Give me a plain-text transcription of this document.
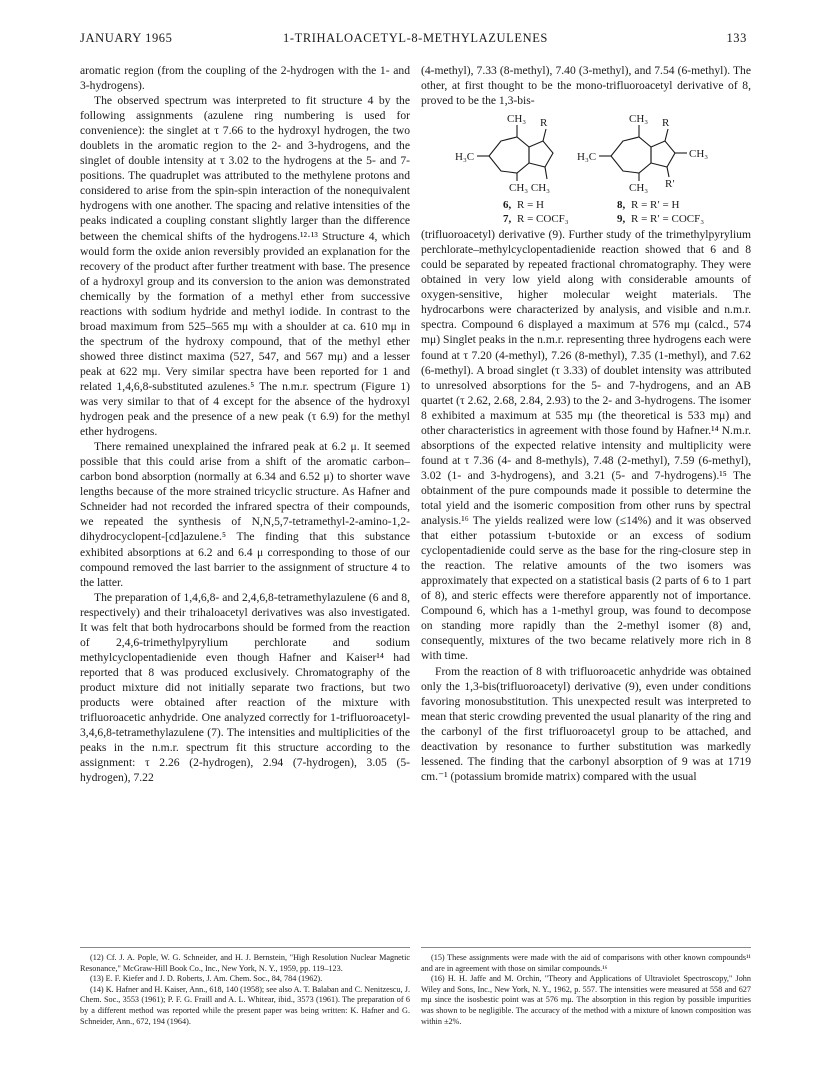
JANUARY 1965	1-TRIHALOACETYL-8-METHYLAZULENES	133

aromatic region (from the coupling of the 2-hydrogen with the 1- and 3-hydrogens).

The observed spectrum was interpreted to fit structure 4 by the following assignments (azulene ring numbering is used for convenience): the singlet at τ 7.66 to the hydroxyl hydrogen, the two doublets in the aromatic region to the 2- and 3-hydrogens, and the singlet of double intensity at τ 3.02 to the hydrogens at the 5- and 7-positions. The quadruplet was attributed to the methylene protons and considered to arise from the spin-spin interaction of the nonequivalent hydrogens with one another. The spacing and relative intensities of the peaks indicated a coupling constant slightly larger than the difference between the chemical shifts of the hydrogens.¹²·¹³ Structure 4, which would form the oxide anion reversibly provided an explanation for the recovery of the product after further treatment with base. The presence of a hydroxyl group and its conversion to the anion was demonstrated chemically by the formation of a methyl ether from successive reactions with sodium hydride and methyl iodide. In contrast to the broad maximum from 525–565 mμ with a shoulder at ca. 610 mμ in the spectrum of the hydroxy compound, that of the methyl ether showed three distinct maxima (527, 547, and 567 mμ) and a lesser peak at 622 mμ. Very similar spectra have been reported for 1 and related 1,4,6,8-substituted azulenes.⁵ The n.m.r. spectrum (Figure 1) was very similar to that of 4 except for the absence of the hydroxyl hydrogen peak and the presence of a new peak (τ 6.9) for the methyl ether hydrogens.

There remained unexplained the infrared peak at 6.2 μ. It seemed possible that this could arise from a shift of the aromatic carbon–carbon bond absorption (normally at 6.34 and 6.52 μ) to shorter wave lengths because of the more strained tricyclic structure. As Hafner and Schneider had not recorded the infrared spectra of their compounds, we repeated the synthesis of N,N,5,7-tetramethyl-2-amino-1,2-dihydrocyclopent-[cd]azulene.⁵ The finding that this substance exhibited absorptions at 6.2 and 6.4 μ corresponding to those of our compound removed the last barrier to the assignment of structure 4 to the latter.

The preparation of 1,4,6,8- and 2,4,6,8-tetramethylazulene (6 and 8, respectively) and their trihaloacetyl derivatives was also investigated. It was felt that both hydrocarbons should be formed from the reaction of 2,4,6-trimethylpyrylium perchlorate and sodium methylcyclopentadienide even though Hafner and Kaiser¹⁴ had reported that 8 was produced exclusively. Chromatography of the product mixture did not initially separate two fractions, but two products were obtained after reaction of the mixture with trifluoroacetic anhydride. One analyzed correctly for 1-trifluoroacetyl-3,4,6,8-tetramethylazulene (7). The intensities and multiplicities of the peaks in the n.m.r. spectrum fit this structure according to the assignment: τ 2.26 (2-hydrogen), 2.94 (7-hydrogen), 3.05 (5-hydrogen), 7.22

(4-methyl), 7.33 (8-methyl), 7.40 (3-methyl), and 7.54 (6-methyl). The other, at first thought to be the mono-trifluoroacetyl derivative of 8, proved to be the 1,3-bis-

CH₃ R
H₃C
CH₃ CH₃
6, R = H
7, R = COCF₃
CH₃ R
H₃C	CH₃
CH₃ R′
8, R = R′ = H
9, R = R′ = COCF₃

(trifluoroacetyl) derivative (9). Further study of the trimethylpyrylium perchlorate–methylcyclopentadienide reaction showed that 6 and 8 could be separated by repeated fractional chromatography. They were obtained in very low yield along with considerable amounts of oxygen-sensitive, higher molecular weight materials. The hydrocarbons were characterized by analysis, and visible and n.m.r. spectra. Compound 6 displayed a maximum at 576 mμ (calcd., 574 mμ) Singlet peaks in the n.m.r. representing three hydrogens each were found at τ 7.20 (4-methyl), 7.26 (8-methyl), 7.35 (1-methyl), and 7.62 (6-methyl). A broad singlet (τ 3.33) of doublet intensity was attributed to unresolved absorptions for the 5- and 7-hydrogens, and an AB quartet (τ 2.62, 2.68, 2.84, 2.93) to the 2- and 3-hydrogens. The isomer 8 exhibited a maximum at 535 mμ (the theoretical is 533 mμ) and other characteristics in agreement with those found by Hafner.¹⁴ N.m.r. absorptions of the expected relative intensity and multiplicity were found at τ 7.36 (4- and 8-methyls), 7.48 (2-methyl), 7.59 (6-methyl), 3.02 (1- and 3-hydrogens), and 3.21 (5- and 7-hydrogens).¹⁵ The obtainment of the pure compounds made it possible to determine the total yield and the isomeric composition from other runs by spectral analysis.¹⁶ The yields realized were low (≤14%) and it was observed that either potassium t-butoxide or an excess of sodium cyclopentadienide could serve as the base for the ring-closure step in the reaction. The relative amounts of the two isomers was approximately that expected on a statistical basis (2 parts of 6 to 1 part of 8), and steric effects were therefore apparently not of importance. Compound 6, which has a 1-methyl group, was found to decompose on standing more rapidly than the 2-methyl isomer (8) and, consequently, mixtures of the two became relatively more rich in 8 with time.

From the reaction of 8 with trifluoroacetic anhydride was obtained only the 1,3-bis(trifluoroacetyl) derivative (9), even under conditions favoring monosubstitution. This unexpected result was interpreted to mean that steric crowding prevented the usual planarity of the ring and the carbonyl of the first trifluoroacetyl group to be attached, and deactivation by resonance to further substitution was markedly lessened. The finding that the carbonyl absorption of 9 was at 1719 cm.⁻¹ (potassium bromide matrix) compared with the usual

(12) Cf. J. A. Pople, W. G. Schneider, and H. J. Bernstein, "High Resolution Nuclear Magnetic Resonance," McGraw-Hill Book Co., Inc., New York, N. Y., 1959, pp. 119–123.

(13) E. F. Kiefer and J. D. Roberts, J. Am. Chem. Soc., 84, 784 (1962).

(14) K. Hafner and H. Kaiser, Ann., 618, 140 (1958); see also A. T. Balaban and C. Nenitzescu, J. Chem. Soc., 3553 (1961); P. F. G. Fraill and A. L. Whitear, ibid., 3573 (1961). The preparation of 6 by a different method was reported while the present paper was being written: K. Hafner and G. Schneider, Ann., 672, 194 (1964).

(15) These assignments were made with the aid of comparisons with other known compounds¹¹ and are in agreement with those on similar compounds.¹⁶

(16) H. H. Jaffe and M. Orchin, "Theory and Applications of Ultraviolet Spectroscopy," John Wiley and Sons, Inc., New York, N. Y., 1962, p. 557. The intensities were measured at 558 and 627 mμ since the isosbestic point was at 576 mμ. The absorption in this region by possible impurities was shown to be negligible. The accuracy of the method with a mixture of known composition was within ±2%.
